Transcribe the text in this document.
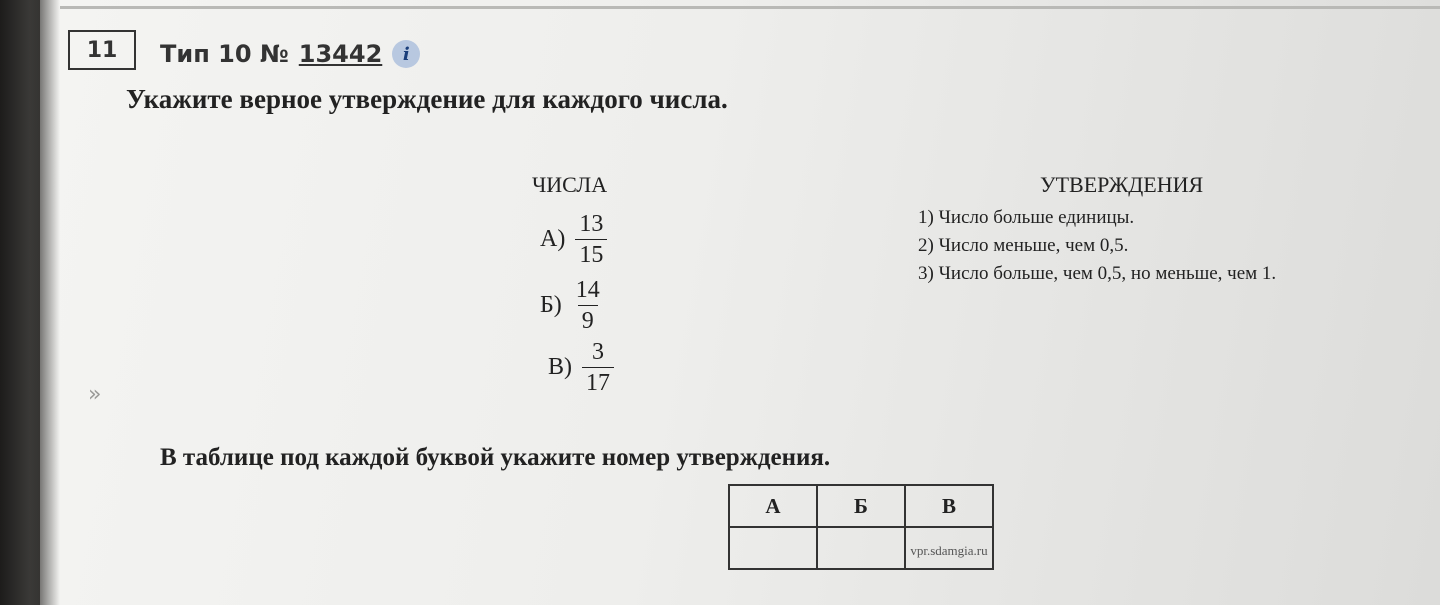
11 Тип 10 № 13442	i
Укажите верное утверждение для каждого числа.
ЧИСЛА	УТВЕРЖДЕНИЯ
$А) \frac{13}{15}$
$Б) \frac{14}{9}$
$В) \frac{3}{17}$
1) Число больше единицы.
2) Число меньше, чем 0,5.
3) Число больше, чем 0,5, но меньше, чем 1.
»
В таблице под каждой буквой укажите номер утверждения.
А	Б	В
		vpr.sdamgia.ru
